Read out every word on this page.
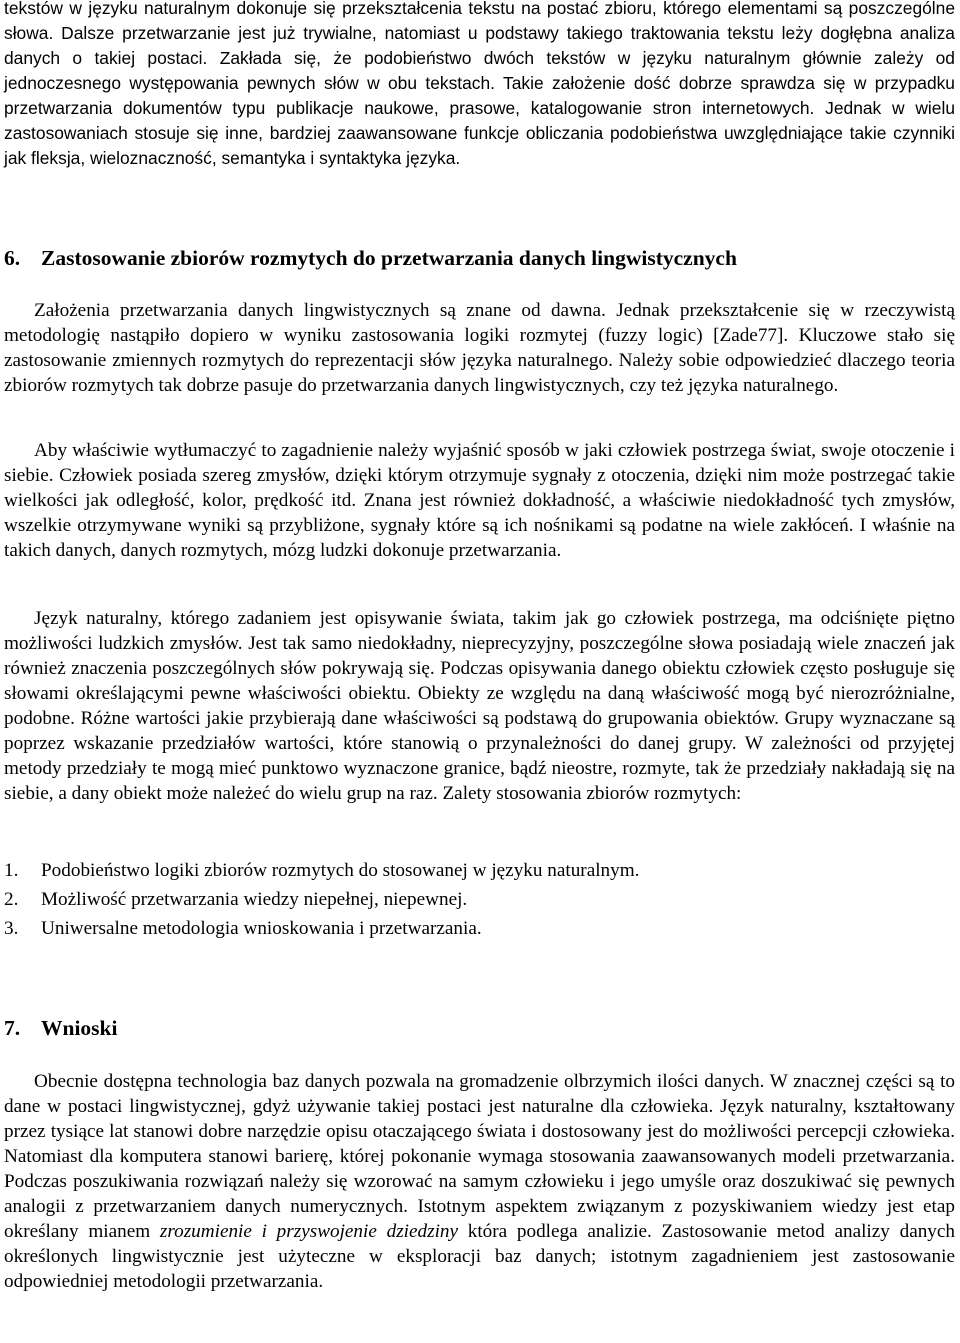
tekstów w języku naturalnym dokonuje się przekształcenia tekstu na postać zbioru, którego elementami są poszczególne słowa. Dalsze przetwarzanie jest już trywialne, natomiast u podstawy takiego traktowania tekstu leży dogłębna analiza danych o takiej postaci. Zakłada się, że podobieństwo dwóch tekstów w języku naturalnym głównie zależy od jednoczesnego występowania pewnych słów w obu tekstach. Takie założenie dość dobrze sprawdza się w przypadku przetwarzania dokumentów typu publikacje naukowe, prasowe, katalogowanie stron internetowych. Jednak w wielu zastosowaniach stosuje się inne, bardziej zaawansowane funkcje obliczania podobieństwa uwzględniające takie czynniki jak fleksja, wieloznaczność, semantyka i syntaktyka języka.

6. Zastosowanie zbiorów rozmytych do przetwarzania danych lingwistycznych

Założenia przetwarzania danych lingwistycznych są znane od dawna. Jednak przekształcenie się w rzeczywistą metodologię nastąpiło dopiero w wyniku zastosowania logiki rozmytej (fuzzy logic) [Zade77]. Kluczowe stało się zastosowanie zmiennych rozmytych do reprezentacji słów języka naturalnego. Należy sobie odpowiedzieć dlaczego teoria zbiorów rozmytych tak dobrze pasuje do przetwarzania danych lingwistycznych, czy też języka naturalnego.

Aby właściwie wytłumaczyć to zagadnienie należy wyjaśnić sposób w jaki człowiek postrzega świat, swoje otoczenie i siebie. Człowiek posiada szereg zmysłów, dzięki którym otrzymuje sygnały z otoczenia, dzięki nim może postrzegać takie wielkości jak odległość, kolor, prędkość itd. Znana jest również dokładność, a właściwie niedokładność tych zmysłów, wszelkie otrzymywane wyniki są przybliżone, sygnały które są ich nośnikami są podatne na wiele zakłóceń. I właśnie na takich danych, danych rozmytych, mózg ludzki dokonuje przetwarzania.

Język naturalny, którego zadaniem jest opisywanie świata, takim jak go człowiek postrzega, ma odciśnięte piętno możliwości ludzkich zmysłów. Jest tak samo niedokładny, nieprecyzyjny, poszczególne słowa posiadają wiele znaczeń jak również znaczenia poszczególnych słów pokrywają się. Podczas opisywania danego obiektu człowiek często posługuje się słowami określającymi pewne właściwości obiektu. Obiekty ze względu na daną właściwość mogą być nierozróżnialne, podobne. Różne wartości jakie przybierają dane właściwości są podstawą do grupowania obiektów. Grupy wyznaczane są poprzez wskazanie przedziałów wartości, które stanowią o przynależności do danej grupy. W zależności od przyjętej metody przedziały te mogą mieć punktowo wyznaczone granice, bądź nieostre, rozmyte, tak że przedziały nakładają się na siebie, a dany obiekt może należeć do wielu grup na raz. Zalety stosowania zbiorów rozmytych:

1. Podobieństwo logiki zbiorów rozmytych do stosowanej w języku naturalnym.
2. Możliwość przetwarzania wiedzy niepełnej, niepewnej.
3. Uniwersalne metodologia wnioskowania i przetwarzania.
7. Wnioski

Obecnie dostępna technologia baz danych pozwala na gromadzenie olbrzymich ilości danych. W znacznej części są to dane w postaci lingwistycznej, gdyż używanie takiej postaci jest naturalne dla człowieka. Język naturalny, kształtowany przez tysiące lat stanowi dobre narzędzie opisu otaczającego świata i dostosowany jest do możliwości percepcji człowieka. Natomiast dla komputera stanowi barierę, której pokonanie wymaga stosowania zaawansowanych modeli przetwarzania. Podczas poszukiwania rozwiązań należy się wzorować na samym człowieku i jego umyśle oraz doszukiwać się pewnych analogii z przetwarzaniem danych numerycznych. Istotnym aspektem związanym z pozyskiwaniem wiedzy jest etap określany mianem zrozumienie i przyswojenie dziedziny która podlega analizie. Zastosowanie metod analizy danych określonych lingwistycznie jest użyteczne w eksploracji baz danych; istotnym zagadnieniem jest zastosowanie odpowiedniej metodologii przetwarzania.
